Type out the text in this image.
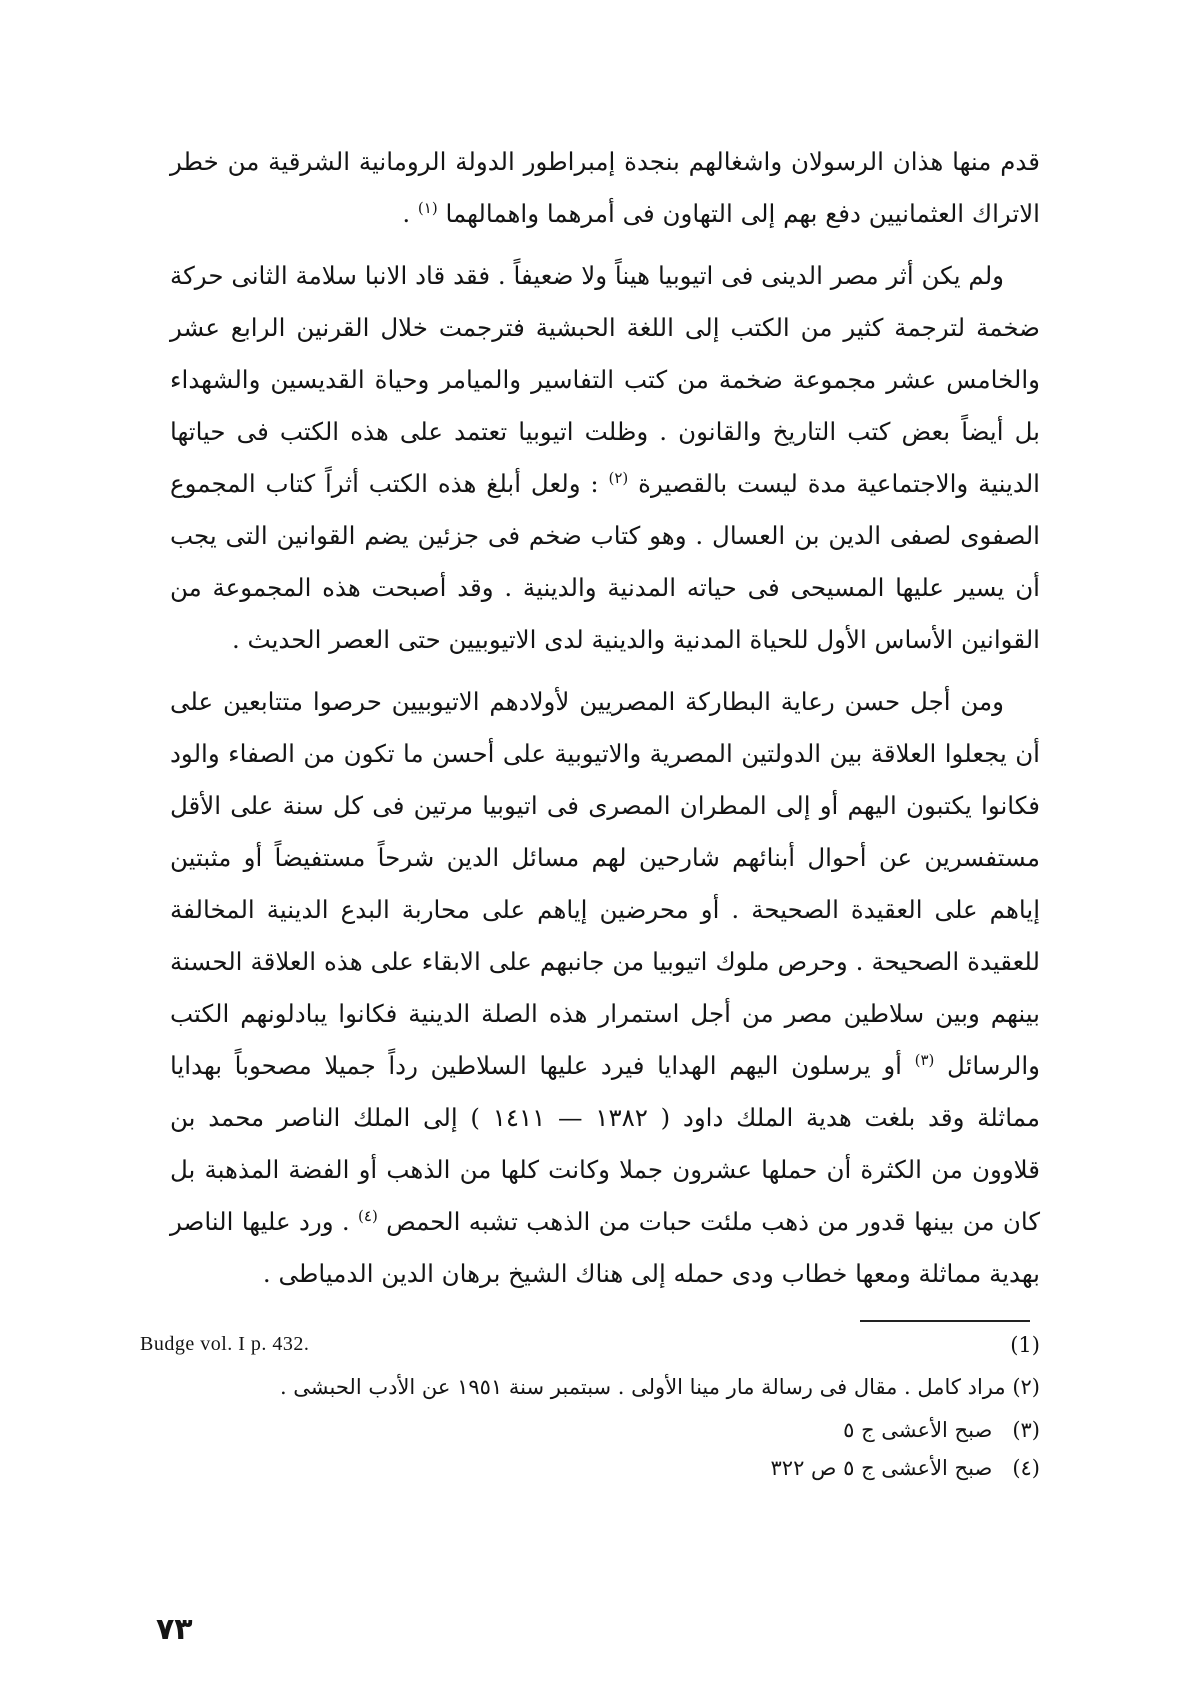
قدم منها هذان الرسولان واشغالهم بنجدة إمبراطور الدولة الرومانية الشرقية من خطر الاتراك العثمانيين دفع بهم إلى التهاون فى أمرهما واهمالهما $^{(١)}$ .

ولم يكن أثر مصر الدينى فى اتيوبيا هيناً ولا ضعيفاً . فقد قاد الانبا سلامة الثانى حركة ضخمة لترجمة كثير من الكتب إلى اللغة الحبشية فترجمت خلال القرنين الرابع عشر والخامس عشر مجموعة ضخمة من كتب التفاسير والميامر وحياة القديسين والشهداء بل أيضاً بعض كتب التاريخ والقانون . وظلت اتيوبيا تعتمد على هذه الكتب فى حياتها الدينية والاجتماعية مدة ليست بالقصيرة $^{(٢)}$ : ولعل أبلغ هذه الكتب أثراً كتاب المجموع الصفوى لصفى الدين بن العسال . وهو كتاب ضخم فى جزئين يضم القوانين التى يجب أن يسير عليها المسيحى فى حياته المدنية والدينية . وقد أصبحت هذه المجموعة من القوانين الأساس الأول للحياة المدنية والدينية لدى الاتيوبيين حتى العصر الحديث .

ومن أجل حسن رعاية البطاركة المصريين لأولادهم الاتيوبيين حرصوا متتابعين على أن يجعلوا العلاقة بين الدولتين المصرية والاتيوبية على أحسن ما تكون من الصفاء والود فكانوا يكتبون اليهم أو إلى المطران المصرى فى اتيوبيا مرتين فى كل سنة على الأقل مستفسرين عن أحوال أبنائهم شارحين لهم مسائل الدين شرحاً مستفيضاً أو مثبتين إياهم على العقيدة الصحيحة . أو محرضين إياهم على محاربة البدع الدينية المخالفة للعقيدة الصحيحة . وحرص ملوك اتيوبيا من جانبهم على الابقاء على هذه العلاقة الحسنة بينهم وبين سلاطين مصر من أجل استمرار هذه الصلة الدينية فكانوا يبادلونهم الكتب والرسائل $^{(٣)}$ أو يرسلون اليهم الهدايا فيرد عليها السلاطين رداً جميلا مصحوباً بهدايا مماثلة وقد بلغت هدية الملك داود ( ١٣٨٢ — ١٤١١ ) إلى الملك الناصر محمد بن قلاوون من الكثرة أن حملها عشرون جملا وكانت كلها من الذهب أو الفضة المذهبة بل كان من بينها قدور من ذهب ملئت حبات من الذهب تشبه الحمص $^{(٤)}$ . ورد عليها الناصر بهدية مماثلة ومعها خطاب ودى حمله إلى هناك الشيخ برهان الدين الدمياطى .

Budge vol. I p. 432.	(1)
(٢) مراد كامل . مقال فى رسالة مار مينا الأولى . سبتمبر سنة ١٩٥١ عن الأدب الحبشى .
(٣)   صبح الأعشى ج ٥
(٤)   صبح الأعشى ج ٥ ص ٣٢٢
٧٣
